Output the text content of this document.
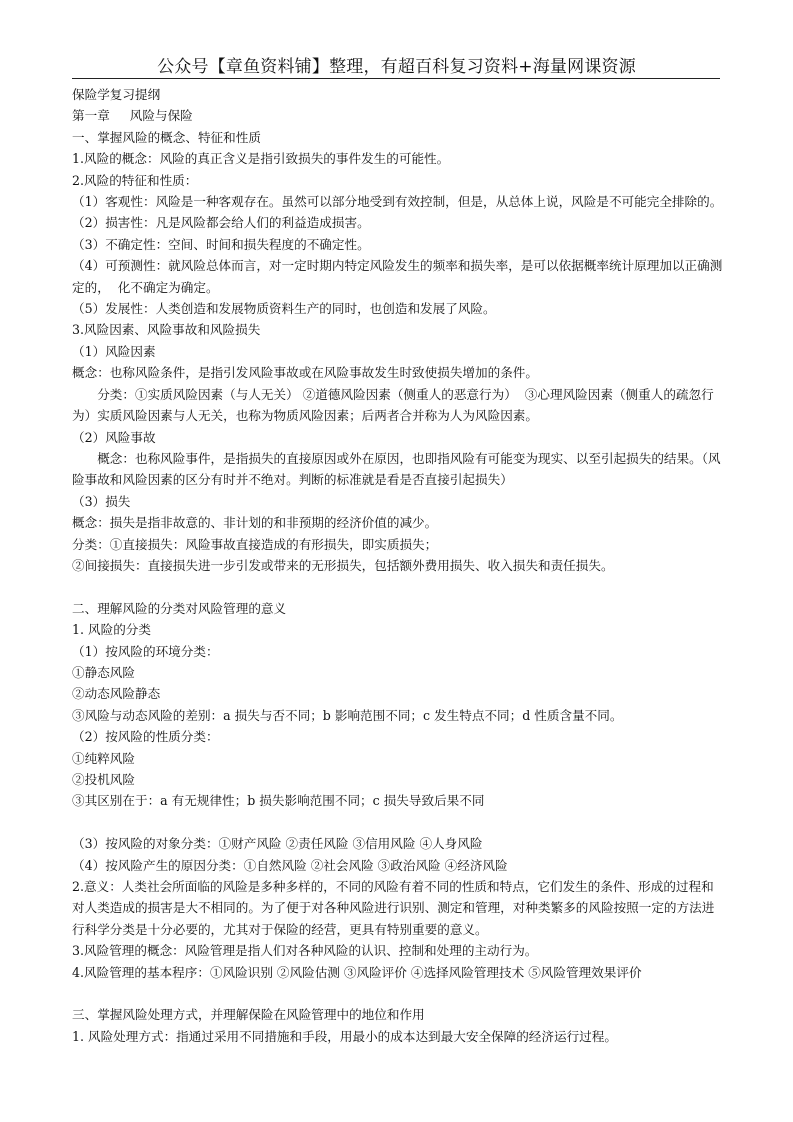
公众号【章鱼资料铺】整理，有超百科复习资料+海量网课资源

保险学复习提纲

第一章     风险与保险

一、掌握风险的概念、特征和性质

1.风险的概念：风险的真正含义是指引致损失的事件发生的可能性。

2.风险的特征和性质：

（1）客观性：风险是一种客观存在。虽然可以部分地受到有效控制，但是，从总体上说，风险是不可能完全排除的。

（2）损害性：凡是风险都会给人们的利益造成损害。

（3）不确定性：空间、时间和损失程度的不确定性。

（4）可预测性：就风险总体而言，对一定时期内特定风险发生的频率和损失率，是可以依据概率统计原理加以正确测定的，  化不确定为确定。

（5）发展性：人类创造和发展物质资料生产的同时，也创造和发展了风险。

3.风险因素、风险事故和风险损失

（1）风险因素

概念：也称风险条件，是指引发风险事故或在风险事故发生时致使损失增加的条件。

分类：①实质风险因素（与人无关） ②道德风险因素（侧重人的恶意行为）  ③心理风险因素（侧重人的疏忽行为）实质风险因素与人无关，也称为物质风险因素；后两者合并称为人为风险因素。

（2）风险事故

概念：也称风险事件，是指损失的直接原因或外在原因，也即指风险有可能变为现实、以至引起损失的结果。（风险事故和风险因素的区分有时并不绝对。判断的标准就是看是否直接引起损失）

（3）损失

概念：损失是指非故意的、非计划的和非预期的经济价值的减少。

分类：①直接损失：风险事故直接造成的有形损失，即实质损失；

②间接损失：直接损失进一步引发或带来的无形损失，包括额外费用损失、收入损失和责任损失。

二、理解风险的分类对风险管理的意义

1. 风险的分类

（1）按风险的环境分类：

①静态风险

②动态风险静态

③风险与动态风险的差别：a 损失与否不同；b 影响范围不同；c 发生特点不同；d 性质含量不同。

（2）按风险的性质分类：

①纯粹风险

②投机风险

③其区别在于：a 有无规律性；b 损失影响范围不同；c 损失导致后果不同

（3）按风险的对象分类：①财产风险 ②责任风险 ③信用风险 ④人身风险

（4）按风险产生的原因分类：①自然风险 ②社会风险 ③政治风险 ④经济风险

2.意义：人类社会所面临的风险是多种多样的，不同的风险有着不同的性质和特点，它们发生的条件、形成的过程和对人类造成的损害是大不相同的。为了便于对各种风险进行识别、测定和管理，对种类繁多的风险按照一定的方法进行科学分类是十分必要的，尤其对于保险的经营，更具有特别重要的意义。

3.风险管理的概念：风险管理是指人们对各种风险的认识、控制和处理的主动行为。

4.风险管理的基本程序：①风险识别 ②风险估测 ③风险评价 ④选择风险管理技术 ⑤风险管理效果评价

三、掌握风险处理方式，并理解保险在风险管理中的地位和作用

1. 风险处理方式：指通过采用不同措施和手段，用最小的成本达到最大安全保障的经济运行过程。
